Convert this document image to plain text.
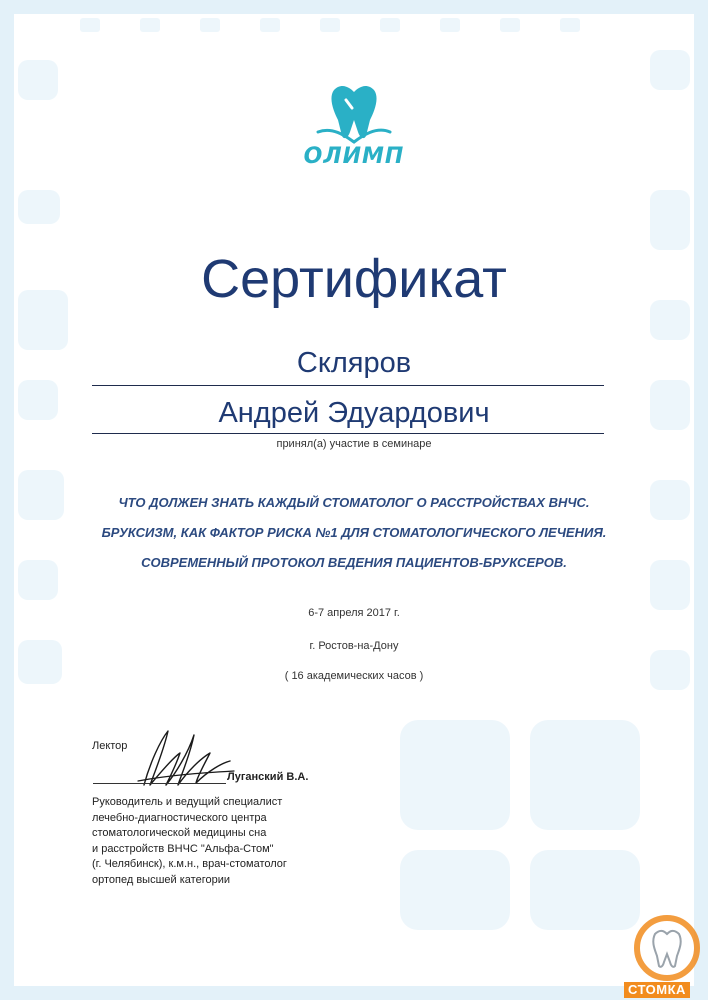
ОЛИМП
Сертификат
Скляров
Андрей Эдуардович
принял(а) участие в семинаре
ЧТО ДОЛЖЕН ЗНАТЬ КАЖДЫЙ СТОМАТОЛОГ О РАССТРОЙСТВАХ ВНЧС.
БРУКСИЗМ, КАК ФАКТОР РИСКА №1 ДЛЯ СТОМАТОЛОГИЧЕСКОГО ЛЕЧЕНИЯ.
СОВРЕМЕННЫЙ ПРОТОКОЛ ВЕДЕНИЯ ПАЦИЕНТОВ-БРУКСЕРОВ.
6-7 апреля 2017 г.
г. Ростов-на-Дону
( 16 академических часов )
Лектор
Луганский В.А.
Руководитель и ведущий специалист
лечебно-диагностического центра
стоматологической медицины сна
и расстройств ВНЧС "Альфа-Стом"
(г. Челябинск), к.м.н., врач-стоматолог
ортопед высшей категории
СТОМКА
